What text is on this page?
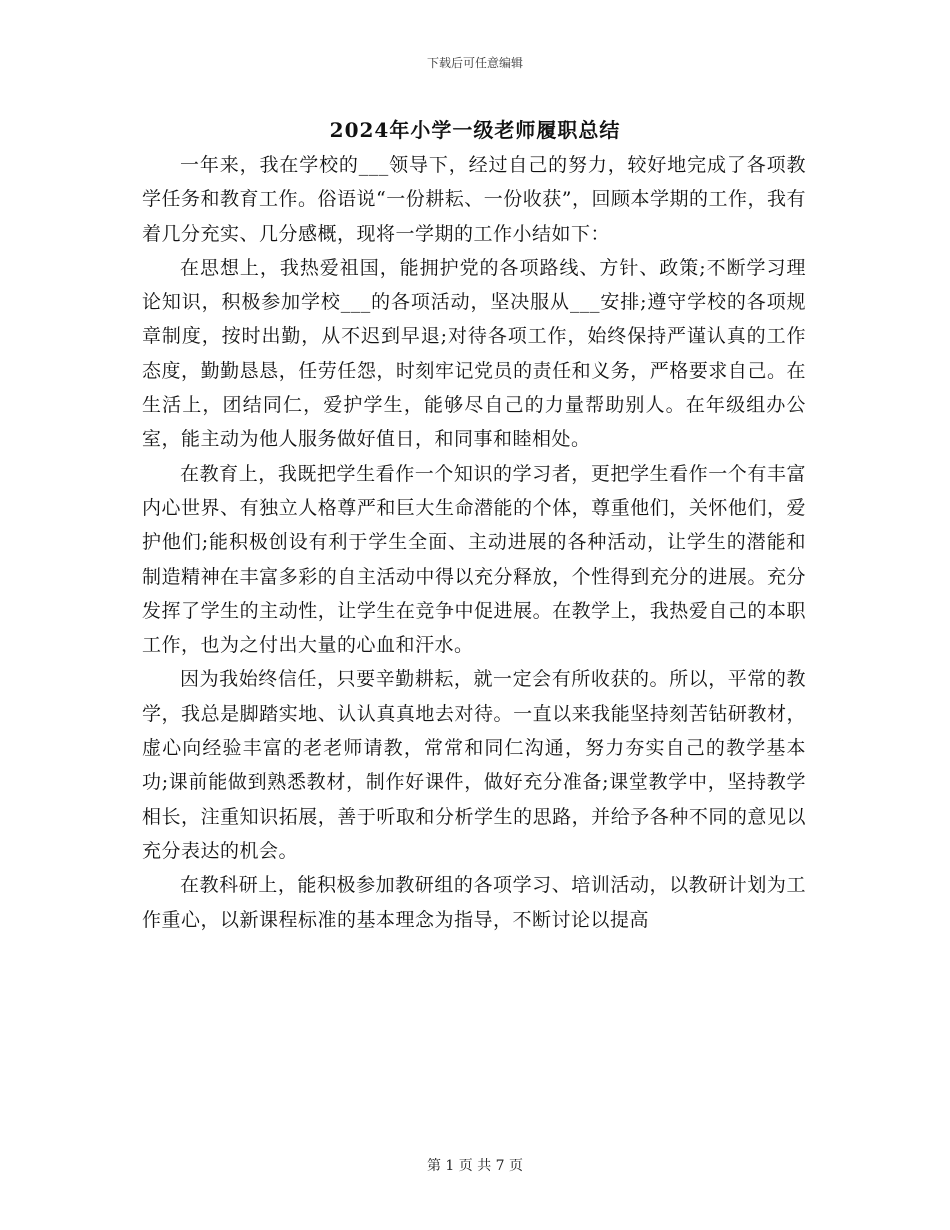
下载后可任意编辑
2024年小学一级老师履职总结

一年来，我在学校的___领导下，经过自己的努力，较好地完成了各项教学任务和教育工作。俗语说“一份耕耘、一份收获”，回顾本学期的工作，我有着几分充实、几分感概，现将一学期的工作小结如下：

在思想上，我热爱祖国，能拥护党的各项路线、方针、政策;不断学习理论知识，积极参加学校___的各项活动，坚决服从___安排;遵守学校的各项规章制度，按时出勤，从不迟到早退;对待各项工作，始终保持严谨认真的工作态度，勤勤恳恳，任劳任怨，时刻牢记党员的责任和义务，严格要求自己。在生活上，团结同仁，爱护学生，能够尽自己的力量帮助别人。在年级组办公室，能主动为他人服务做好值日，和同事和睦相处。

在教育上，我既把学生看作一个知识的学习者，更把学生看作一个有丰富内心世界、有独立人格尊严和巨大生命潜能的个体，尊重他们，关怀他们，爱护他们;能积极创设有利于学生全面、主动进展的各种活动，让学生的潜能和制造精神在丰富多彩的自主活动中得以充分释放，个性得到充分的进展。充分发挥了学生的主动性，让学生在竞争中促进展。在教学上，我热爱自己的本职工作，也为之付出大量的心血和汗水。

因为我始终信任，只要辛勤耕耘，就一定会有所收获的。所以，平常的教学，我总是脚踏实地、认认真真地去对待。一直以来我能坚持刻苦钻研教材，虚心向经验丰富的老老师请教，常常和同仁沟通，努力夯实自己的教学基本功;课前能做到熟悉教材，制作好课件，做好充分准备;课堂教学中，坚持教学相长，注重知识拓展，善于听取和分析学生的思路，并给予各种不同的意见以充分表达的机会。

在教科研上，能积极参加教研组的各项学习、培训活动，以教研计划为工作重心，以新课程标准的基本理念为指导，不断讨论以提高

第 1 页 共 7 页
